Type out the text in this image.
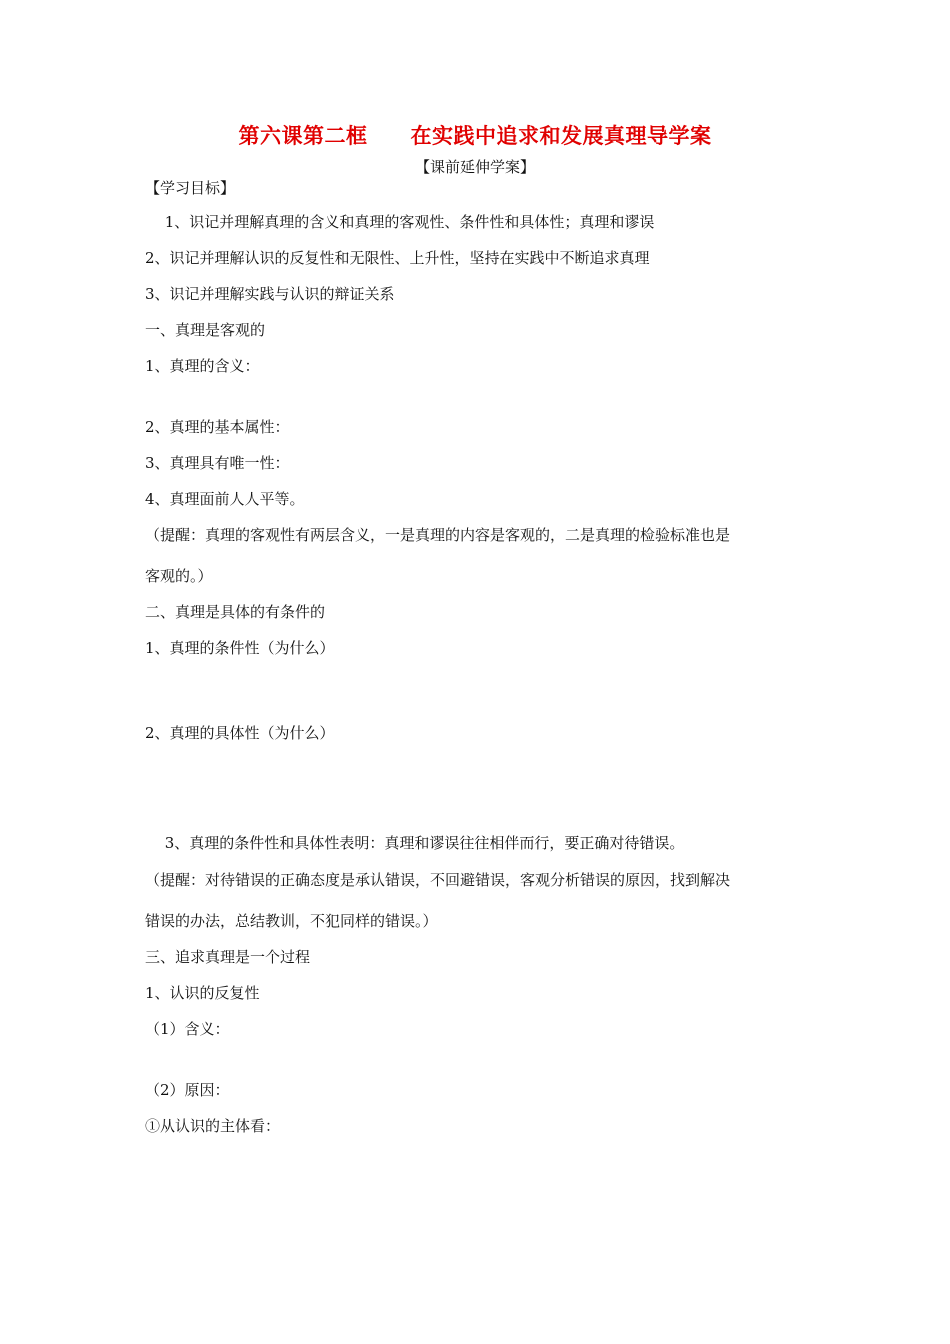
第六课第二框　　在实践中追求和发展真理导学案
【课前延伸学案】
【学习目标】
　 1、识记并理解真理的含义和真理的客观性、条件性和具体性；真理和谬误
2、识记并理解认识的反复性和无限性、上升性，坚持在实践中不断追求真理
3、识记并理解实践与认识的辩证关系
一、真理是客观的
1、真理的含义：
2、真理的基本属性：
3、真理具有唯一性：
4、真理面前人人平等。
（提醒：真理的客观性有两层含义，一是真理的内容是客观的，二是真理的检验标准也是
客观的。）
二、真理是具体的有条件的
1、真理的条件性（为什么）
2、真理的具体性（为什么）
　 3、真理的条件性和具体性表明：真理和谬误往往相伴而行，要正确对待错误。
（提醒：对待错误的正确态度是承认错误，不回避错误，客观分析错误的原因，找到解决
错误的办法，总结教训，不犯同样的错误。）
三、追求真理是一个过程
1、认识的反复性
（1）含义：
（2）原因：
①从认识的主体看：
